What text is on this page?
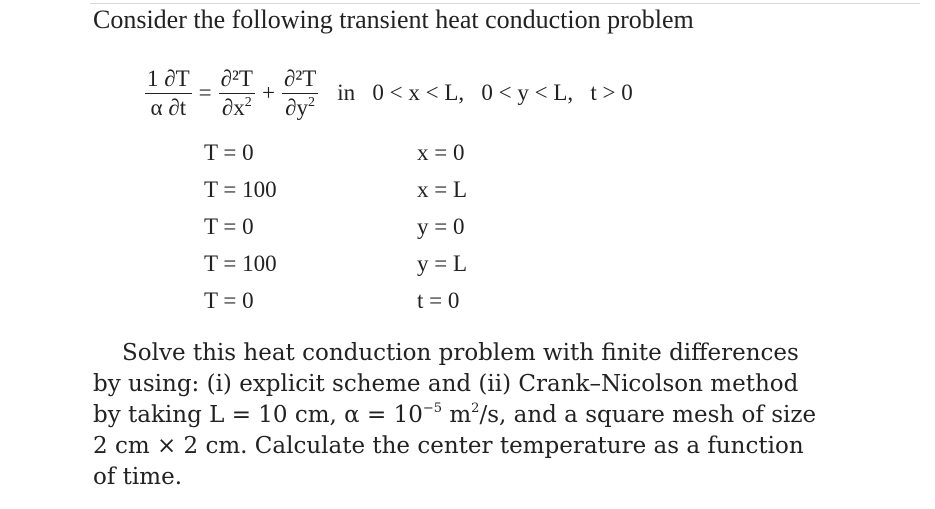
Consider the following transient heat conduction problem
$\frac{1 \partial T}{\alpha \partial t} = \frac{\text{∂²T}}{\partial x^2} + \frac{\text{∂²T}}{\partial y^2}$ in   0 < x < L,   0 < y < L,   t > 0
T = 0	x = 0
T = 100	x = L
T = 0	y = 0
T = 100	y = L
T = 0	t = 0

Solve this heat conduction problem with finite differences by using: (i) explicit scheme and (ii) Crank–Nicolson method by taking L = 10 cm, $\alpha = 10^{-5}$ $m^2/s$, and a square mesh of size 2 cm × 2 cm. Calculate the center temperature as a function of time.
